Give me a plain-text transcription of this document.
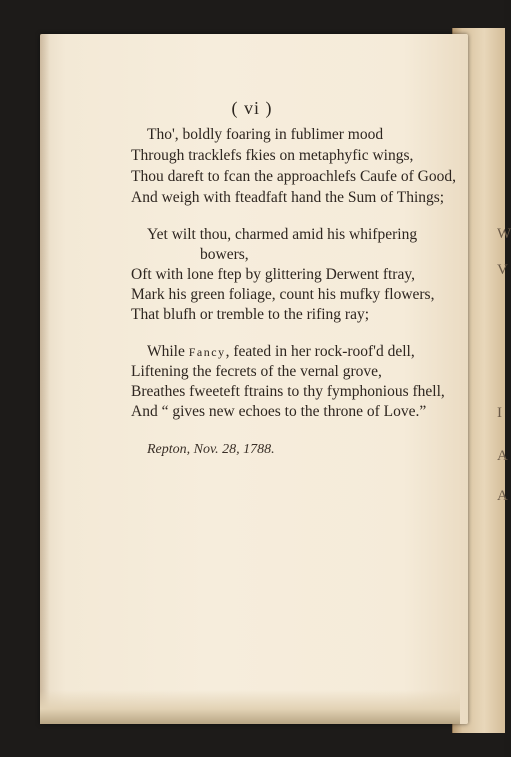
W
V
I
A
A
( vi )
Tho', boldly foaring in fublimer mood
Through tracklefs fkies on metaphyfic wings,
Thou dareft to fcan the approachlefs Caufe of Good,
And weigh with fteadfaft hand the Sum of Things;
Yet wilt thou, charmed amid his whifpering
bowers,
Oft with lone ftep by glittering Derwent ftray,
Mark his green foliage, count his mufky flowers,
That blufh or tremble to the rifing ray;
While Fancy, feated in her rock-roof'd dell,
Liftening the fecrets of the vernal grove,
Breathes fweeteft ftrains to thy fymphonious fhell,
And “ gives new echoes to the throne of Love.”
Repton, Nov. 28, 1788.
